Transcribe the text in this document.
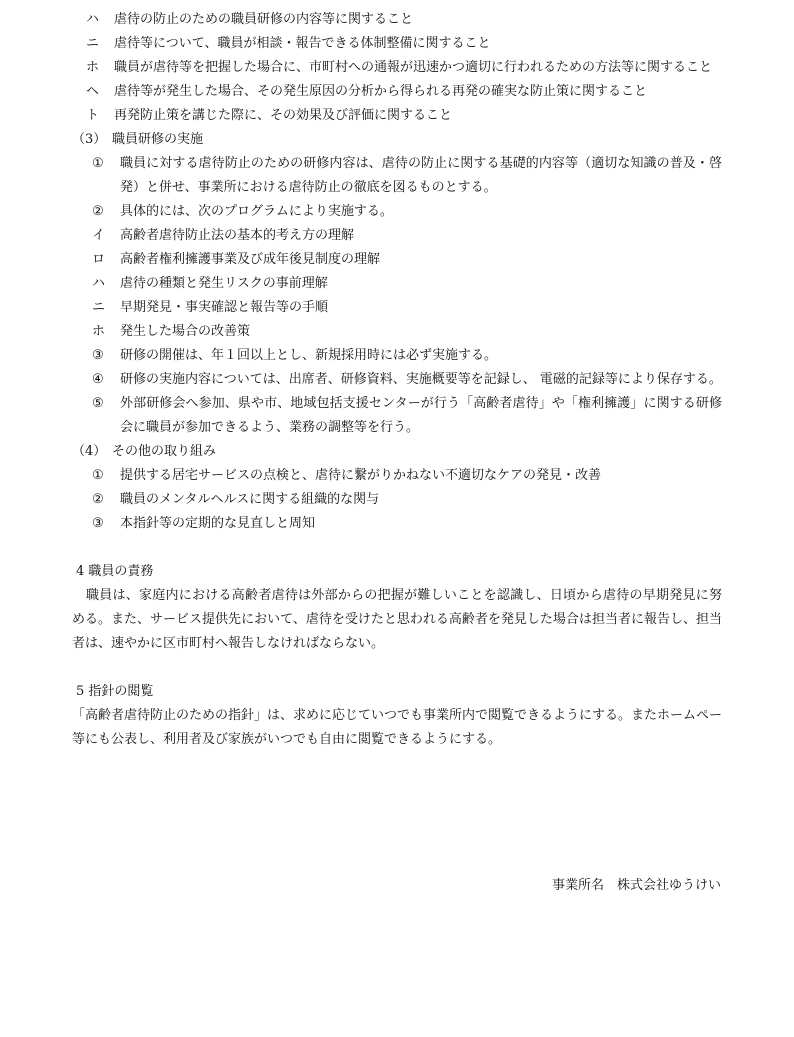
ハ	虐待の防止のための職員研修の内容等に関すること
ニ	虐待等について、職員が相談・報告できる体制整備に関すること
ホ	職員が虐待等を把握した場合に、市町村への通報が迅速かつ適切に行われるための方法等に関すること
ヘ	虐待等が発生した場合、その発生原因の分析から得られる再発の確実な防止策に関すること
ト	再発防止策を講じた際に、その効果及び評価に関すること
（3） 職員研修の実施
①	職員に対する虐待防止のための研修内容は、虐待の防止に関する基礎的内容等（適切な知識の普及・啓発）と併せ、事業所における虐待防止の徹底を図るものとする。
②	具体的には、次のプログラムにより実施する。
イ	高齢者虐待防止法の基本的考え方の理解
ロ	高齢者権利擁護事業及び成年後見制度の理解
ハ	虐待の種類と発生リスクの事前理解
ニ	早期発見・事実確認と報告等の手順
ホ	発生した場合の改善策
③	研修の開催は、年１回以上とし、新規採用時には必ず実施する。
④	研修の実施内容については、出席者、研修資料、実施概要等を記録し、 電磁的記録等により保存する。
⑤	外部研修会へ参加、県や市、地域包括支援センターが行う「高齢者虐待」や「権利擁護」に関する研修会に職員が参加できるよう、業務の調整等を行う。
（4） その他の取り組み
①	提供する居宅サービスの点検と、虐待に繋がりかねない不適切なケアの発見・改善
②	職員のメンタルヘルスに関する組織的な関与
③	本指針等の定期的な見直しと周知
4 職員の責務
職員は、家庭内における高齢者虐待は外部からの把握が難しいことを認識し、日頃から虐待の早期発見に努める。また、サービス提供先において、虐待を受けたと思われる高齢者を発見した場合は担当者に報告し、担当者は、速やかに区市町村へ報告しなければならない。
5 指針の閲覧
「高齢者虐待防止のための指針」は、求めに応じていつでも事業所内で閲覧できるようにする。またホームペー等にも公表し、利用者及び家族がいつでも自由に閲覧できるようにする。
事業所名　株式会社ゆうけい
